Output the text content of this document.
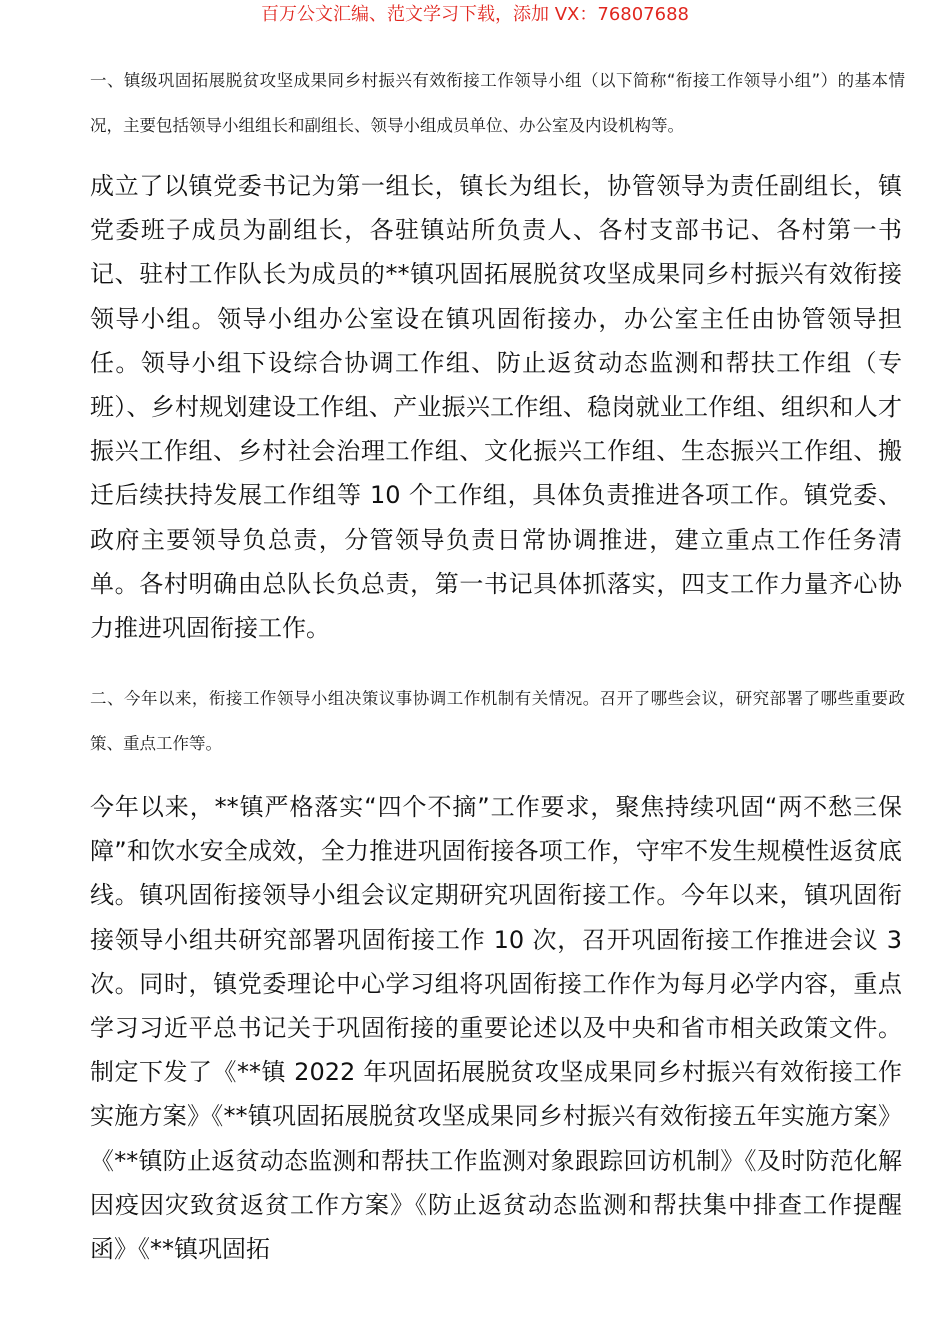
百万公文汇编、范文学习下载，添加 VX：76807688

一、镇级巩固拓展脱贫攻坚成果同乡村振兴有效衔接工作领导小组（以下简称“衔接工作领导小组”）的基本情况，主要包括领导小组组长和副组长、领导小组成员单位、办公室及内设机构等。

成立了以镇党委书记为第一组长，镇长为组长，协管领导为责任副组长，镇党委班子成员为副组长，各驻镇站所负责人、各村支部书记、各村第一书记、驻村工作队长为成员的**镇巩固拓展脱贫攻坚成果同乡村振兴有效衔接领导小组。领导小组办公室设在镇巩固衔接办，办公室主任由协管领导担任。领导小组下设综合协调工作组、防止返贫动态监测和帮扶工作组（专班）、乡村规划建设工作组、产业振兴工作组、稳岗就业工作组、组织和人才振兴工作组、乡村社会治理工作组、文化振兴工作组、生态振兴工作组、搬迁后续扶持发展工作组等 10 个工作组，具体负责推进各项工作。镇党委、政府主要领导负总责，分管领导负责日常协调推进，建立重点工作任务清单。各村明确由总队长负总责，第一书记具体抓落实，四支工作力量齐心协力推进巩固衔接工作。

二、今年以来，衔接工作领导小组决策议事协调工作机制有关情况。召开了哪些会议，研究部署了哪些重要政策、重点工作等。

今年以来，**镇严格落实“四个不摘”工作要求，聚焦持续巩固“两不愁三保障”和饮水安全成效，全力推进巩固衔接各项工作，守牢不发生规模性返贫底线。镇巩固衔接领导小组会议定期研究巩固衔接工作。今年以来，镇巩固衔接领导小组共研究部署巩固衔接工作 10 次，召开巩固衔接工作推进会议 3 次。同时，镇党委理论中心学习组将巩固衔接工作作为每月必学内容，重点学习习近平总书记关于巩固衔接的重要论述以及中央和省市相关政策文件。制定下发了《**镇 2022 年巩固拓展脱贫攻坚成果同乡村振兴有效衔接工作实施方案》《**镇巩固拓展脱贫攻坚成果同乡村振兴有效衔接五年实施方案》《**镇防止返贫动态监测和帮扶工作监测对象跟踪回访机制》《及时防范化解因疫因灾致贫返贫工作方案》《防止返贫动态监测和帮扶集中排查工作提醒函》《**镇巩固拓
